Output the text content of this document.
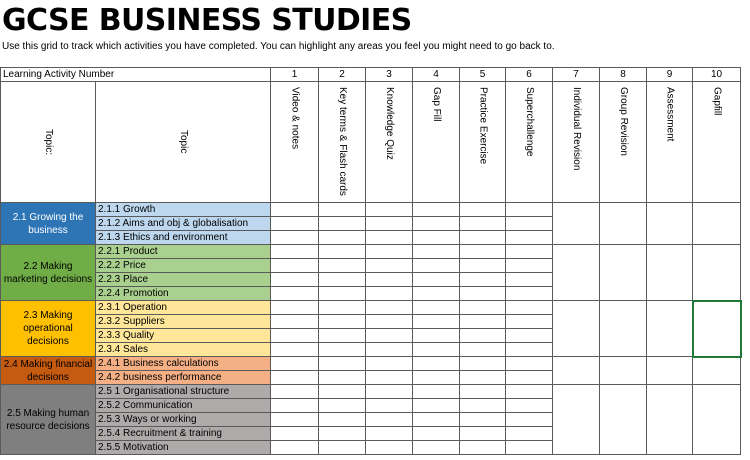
GCSE BUSINESS STUDIES
Use this grid to track which activities you have completed. You can highlight any areas you feel you might need to go back to.
Learning Activity Number		1	2	3	4	5	6	7	8	9	10

Topic:	Topic	Video & notes	Key terms & Flash cards	Knowledge Quiz	Gap Fill	Practice Exercise	Superchallenge	Individual Revision	Group Revision	Assessment	Gapfill

2.1 Growing the business	2.1.1 Growth										
	2.1.2 Aims and obj & globalisation										
	2.1.3 Ethics and environment										
2.2 Making marketing decisions	2.2.1 Product										
	2.2.2 Price										
	2.2.3 Place										
	2.2.4 Promotion										
2.3 Making operational decisions	2.3.1 Operation										
	2.3.2 Suppliers										
	2.3.3 Quality										
	2.3.4 Sales										
2.4 Making financial decisions	2.4.1 Business calculations										
	2.4.2 business performance										
2.5 Making human resource decisions	2.5 1 Organisational structure										
	2.5.2 Communication										
	2.5.3 Ways or working										
	2.5.4 Recruitment & training										
	2.5.5 Motivation										
